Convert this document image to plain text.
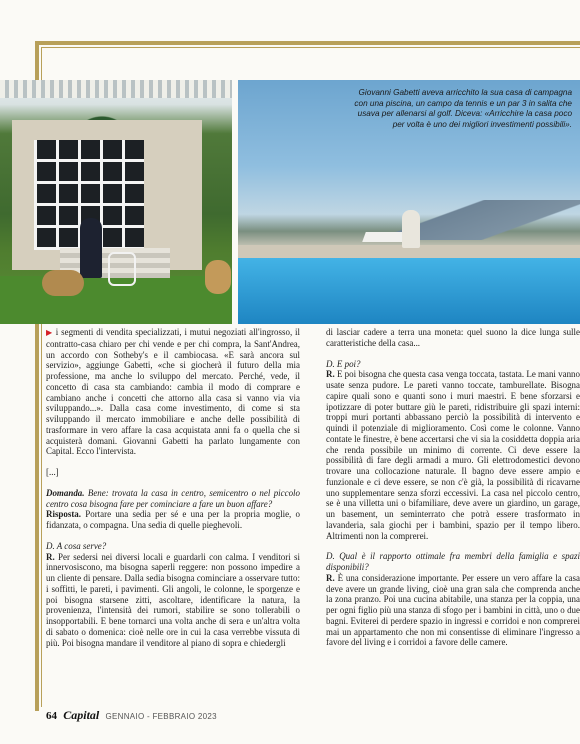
Giovanni Gabetti aveva arricchito la sua casa di campagna con una piscina, un campo da tennis e un par 3 in salita che usava per allenarsi al golf. Diceva: «Arricchire la casa poco per volta è uno dei migliori investimenti possibili».

▶ i segmenti di vendita specializzati, i mutui negoziati all'ingrosso, il contratto-casa chiaro per chi vende e per chi compra, la Sant'Andrea, un accordo con Sotheby's e il cambiocasa. «E sarà ancora sul servizio», aggiunge Gabetti, «che si giocherà il futuro della mia professione, ma anche lo sviluppo del mercato. Perché, vede, il concetto di casa sta cambiando: cambia il modo di comprare e cambiano anche i concetti che attorno alla casa si vanno via via sviluppando...». Dalla casa come investimento, di come si sta sviluppando il mercato immobiliare e anche delle possibilità di trasformare in vero affare la casa acquistata anni fa o quella che si acquisterà domani. Giovanni Gabetti ha parlato lungamente con Capital. Ecco l'intervista.

[...]

Domanda. Bene: trovata la casa in centro, semicentro o nel piccolo centro cosa bisogna fare per cominciare a fare un buon affare?

Risposta. Portare una sedia per sé e una per la propria moglie, o fidanzata, o compagna. Una sedia di quelle pieghevoli.

D. A cosa serve?

R. Per sedersi nei diversi locali e guardarli con calma. I venditori si innervosiscono, ma bisogna saperli reggere: non possono impedire a un cliente di pensare. Dalla sedia bisogna cominciare a osservare tutto: i soffitti, le pareti, i pavimenti. Gli angoli, le colonne, le sporgenze e poi bisogna starsene zitti, ascoltare, identificare la natura, la provenienza, l'intensità dei rumori, stabilire se sono tollerabili o insopportabili. E bene tornarci una volta anche di sera e un'altra volta di sabato o domenica: cioè nelle ore in cui la casa verrebbe vissuta di più. Poi bisogna mandare il venditore al piano di sopra e chiedergli

di lasciar cadere a terra una moneta: quel suono la dice lunga sulle caratteristiche della casa...

D. E poi?

R. E poi bisogna che questa casa venga toccata, tastata. Le mani vanno usate senza pudore. Le pareti vanno toccate, tamburellate. Bisogna capire quali sono e quanti sono i muri maestri. E bene sforzarsi e ipotizzare di poter buttare giù le pareti, ridistribuire gli spazi interni: troppi muri portanti abbassano perciò la possibilità di intervento e quindi il potenziale di miglioramento. Così come le colonne. Vanno contate le finestre, è bene accertarsi che vi sia la cosiddetta doppia aria che renda possibile un minimo di corrente. Ci deve essere la possibilità di fare degli armadi a muro. Gli elettrodomestici devono trovare una collocazione naturale. Il bagno deve essere ampio e funzionale e ci deve essere, se non c'è già, la possibilità di ricavarne uno supplementare senza sforzi eccessivi. La casa nel piccolo centro, se è una villetta uni o bifamiliare, deve avere un giardino, un garage, un basement, un seminterrato che potrà essere trasformato in lavanderia, sala giochi per i bambini, spazio per il tempo libero. Altrimenti non la comprerei.

D. Qual è il rapporto ottimale fra membri della famiglia e spazi disponibili?

R. È una considerazione importante. Per essere un vero affare la casa deve avere un grande living, cioè una gran sala che comprenda anche la zona pranzo. Poi una cucina abitabile, una stanza per la coppia, una per ogni figlio più una stanza di sfogo per i bambini in città, uno o due bagni. Eviterei di perdere spazio in ingressi e corridoi e non comprerei mai un appartamento che non mi consentisse di eliminare l'ingresso a favore del living e i corridoi a favore delle camere.

64 Capital GENNAIO - FEBBRAIO 2023
